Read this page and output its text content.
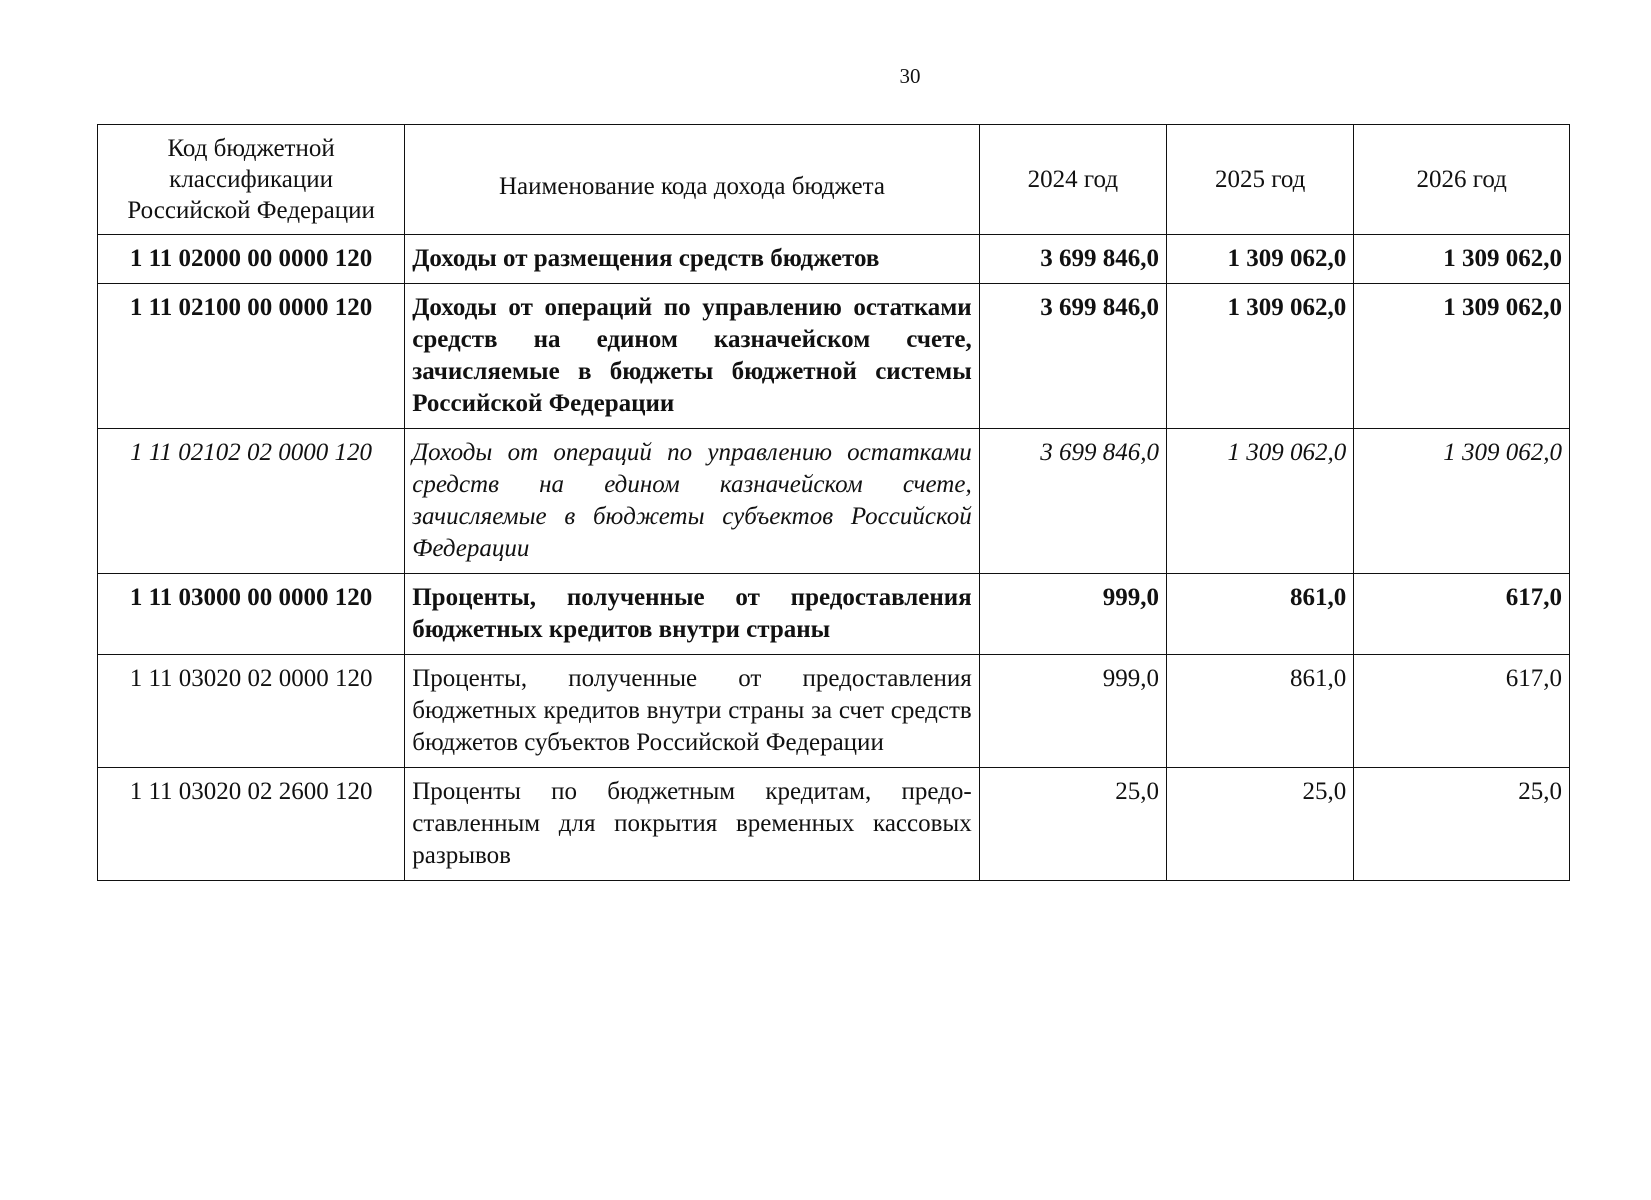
30
Код бюджетной классификации Российской Федерации	Наименование кода дохода бюджета	2024 год	2025 год	2026 год
1 11 02000 00 0000 120	Доходы от размещения средств бюджетов	3 699 846,0	1 309 062,0	1 309 062,0
1 11 02100 00 0000 120	Доходы от операций по управлению остатками средств на едином казначейском счете, зачисляемые в бюджеты бюджетной системы Российской Федерации	3 699 846,0	1 309 062,0	1 309 062,0
1 11 02102 02 0000 120	Доходы от операций по управлению остатками средств на едином казначейском счете, зачисляемые в бюджеты субъектов Российской Федерации	3 699 846,0	1 309 062,0	1 309 062,0
1 11 03000 00 0000 120	Проценты, полученные от предоставления бюджетных кредитов внутри страны	999,0	861,0	617,0
1 11 03020 02 0000 120	Проценты, полученные от предоставления бюджетных кредитов внутри страны за счет средств бюджетов субъектов Российской Федерации	999,0	861,0	617,0
1 11 03020 02 2600 120	Проценты по бюджетным кредитам, предоставленным для покрытия временных кассовых разрывов	25,0	25,0	25,0
